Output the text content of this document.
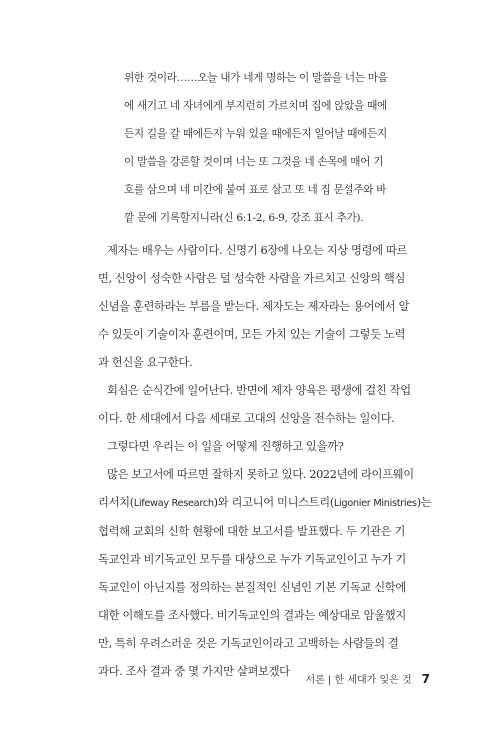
위한 것이라……오늘 내가 네게 명하는 이 말씀을 너는 마음
에 새기고 네 자녀에게 부지런히 가르치며 집에 앉았을 때에
든지 길을 갈 때에든지 누워 있을 때에든지 일어날 때에든지
이 말씀을 강론할 것이며 너는 또 그것을 네 손목에 매어 기
호를 삼으며 네 미간에 붙여 표로 삼고 또 네 집 문설주와 바
깥 문에 기록할지니라(신 6:1-2, 6-9, 강조 표시 추가).
제자는 배우는 사람이다. 신명기 6장에 나오는 지상 명령에 따르
면, 신앙이 성숙한 사람은 덜 성숙한 사람을 가르치고 신앙의 핵심
신념을 훈련하라는 부름을 받는다. 제자도는 제자라는 용어에서 알
수 있듯이 기술이자 훈련이며, 모든 가치 있는 기술이 그렇듯 노력
과 헌신을 요구한다.
회심은 순식간에 일어난다. 반면에 제자 양육은 평생에 걸친 작업
이다. 한 세대에서 다음 세대로 고대의 신앙을 전수하는 일이다.
그렇다면 우리는 이 일을 어떻게 진행하고 있을까?
많은 보고서에 따르면 잘하지 못하고 있다. 2022년에 라이프웨이
리서치(Lifeway Research)와 리고니어 미니스트리(Ligonier Ministries)는
협력해 교회의 신학 현황에 대한 보고서를 발표했다. 두 기관은 기
독교인과 비기독교인 모두를 대상으로 누가 기독교인이고 누가 기
독교인이 아닌지를 정의하는 본질적인 신념인 기본 기독교 신학에
대한 이해도를 조사했다. 비기독교인의 결과는 예상대로 암울했지
만, 특히 우려스러운 것은 기독교인이라고 고백하는 사람들의 결
과다. 조사 결과 중 몇 가지만 살펴보겠다
서론 | 한 세대가 잊은 것 7
